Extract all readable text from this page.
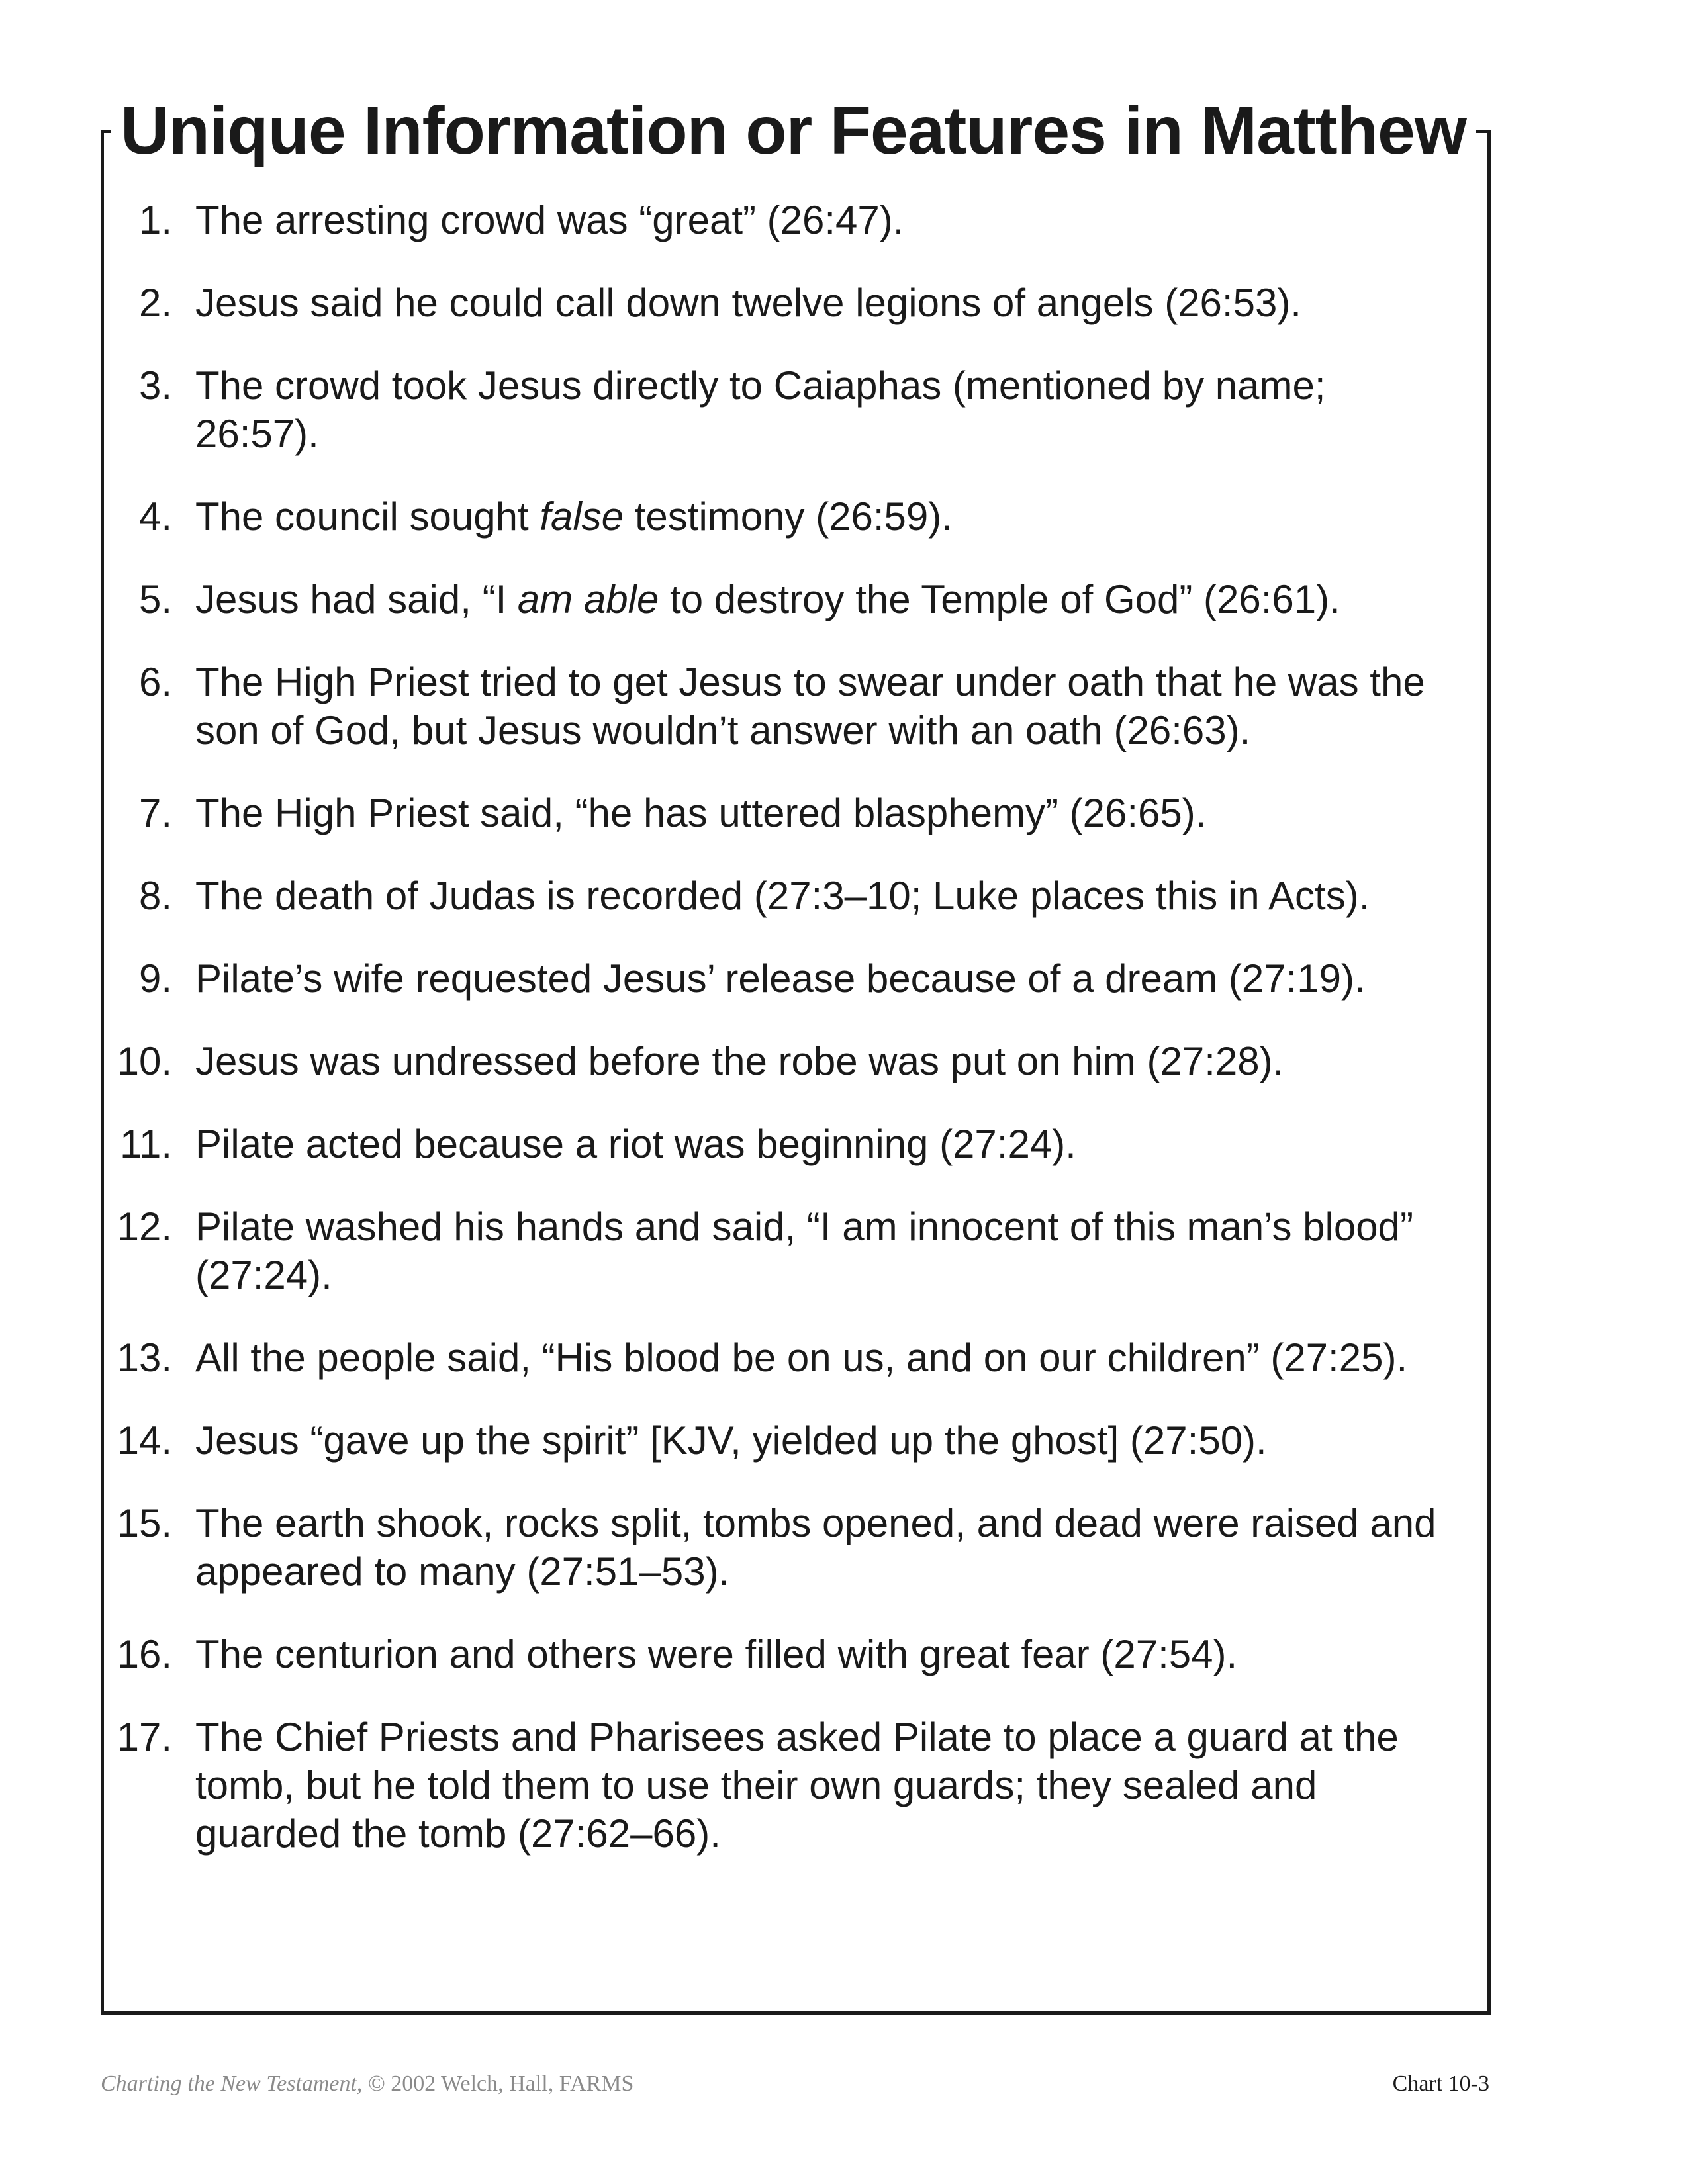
Unique Information or Features in Matthew
1. The arresting crowd was “great” (26:47).
2. Jesus said he could call down twelve legions of angels (26:53).
3. The crowd took Jesus directly to Caiaphas (mentioned by name; 26:57).
4. The council sought false testimony (26:59).
5. Jesus had said, “I am able to destroy the Temple of God” (26:61).
6. The High Priest tried to get Jesus to swear under oath that he was the son of God, but Jesus wouldn’t answer with an oath (26:63).
7. The High Priest said, “he has uttered blasphemy” (26:65).
8. The death of Judas is recorded (27:3–10; Luke places this in Acts).
9. Pilate’s wife requested Jesus’ release because of a dream (27:19).
10. Jesus was undressed before the robe was put on him (27:28).
11. Pilate acted because a riot was beginning (27:24).
12. Pilate washed his hands and said, “I am innocent of this man’s blood” (27:24).
13. All the people said, “His blood be on us, and on our children” (27:25).
14. Jesus “gave up the spirit” [KJV, yielded up the ghost] (27:50).
15. The earth shook, rocks split, tombs opened, and dead were raised and appeared to many (27:51–53).
16. The centurion and others were filled with great fear (27:54).
17. The Chief Priests and Pharisees asked Pilate to place a guard at the tomb, but he told them to use their own guards; they sealed and guarded the tomb (27:62–66).
Charting the New Testament, © 2002 Welch, Hall, FARMS	Chart 10-3
